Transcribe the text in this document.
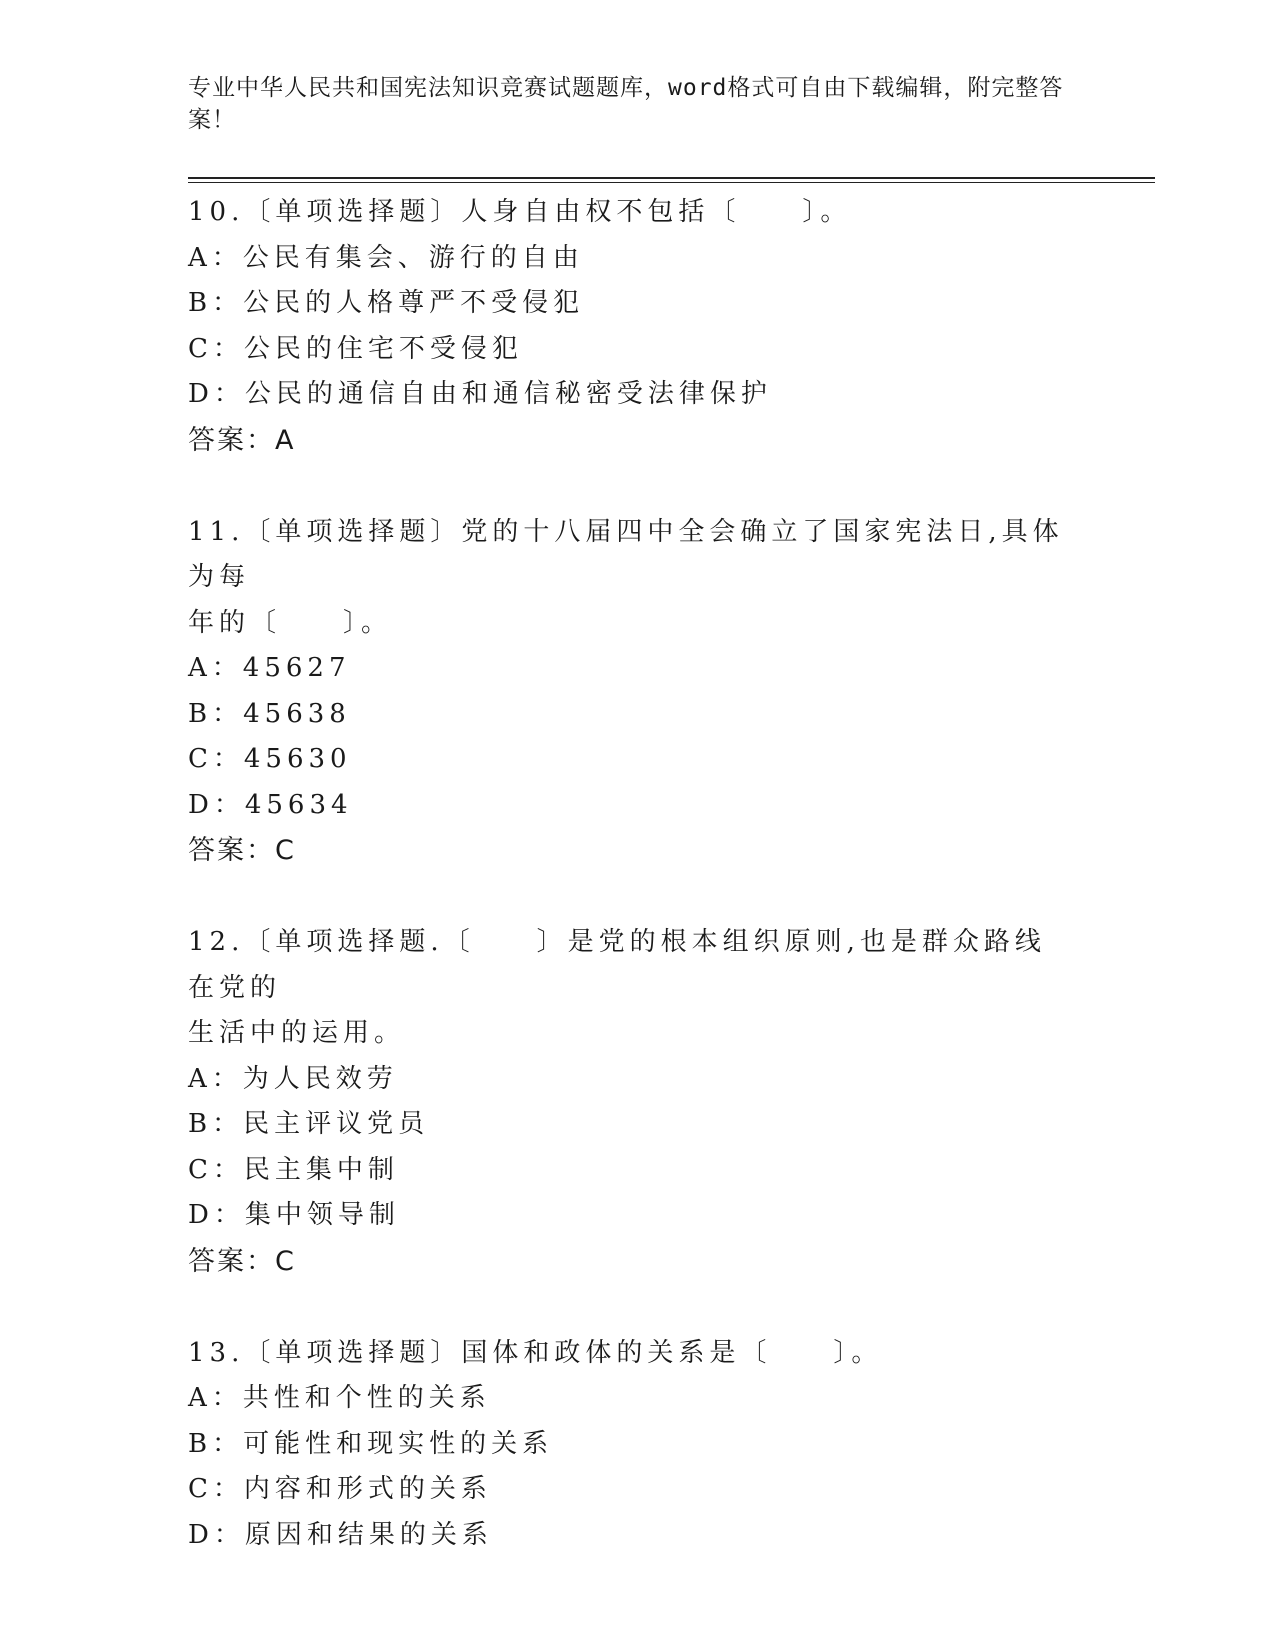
专业中华人民共和国宪法知识竞赛试题题库，word格式可自由下载编辑，附完整答案！
10.〔单项选择题〕人身自由权不包括〔　　〕。
A：公民有集会、游行的自由
B：公民的人格尊严不受侵犯
C：公民的住宅不受侵犯
D：公民的通信自由和通信秘密受法律保护
答案：A
11.〔单项选择题〕党的十八届四中全会确立了国家宪法日,具体为每
年的〔　　〕。
A：45627
B：45638
C：45630
D：45634
答案：C
12.〔单项选择题.〔　　〕是党的根本组织原则,也是群众路线在党的
生活中的运用。
A：为人民效劳
B：民主评议党员
C：民主集中制
D：集中领导制
答案：C
13.〔单项选择题〕国体和政体的关系是〔　　〕。
A：共性和个性的关系
B：可能性和现实性的关系
C：内容和形式的关系
D：原因和结果的关系
